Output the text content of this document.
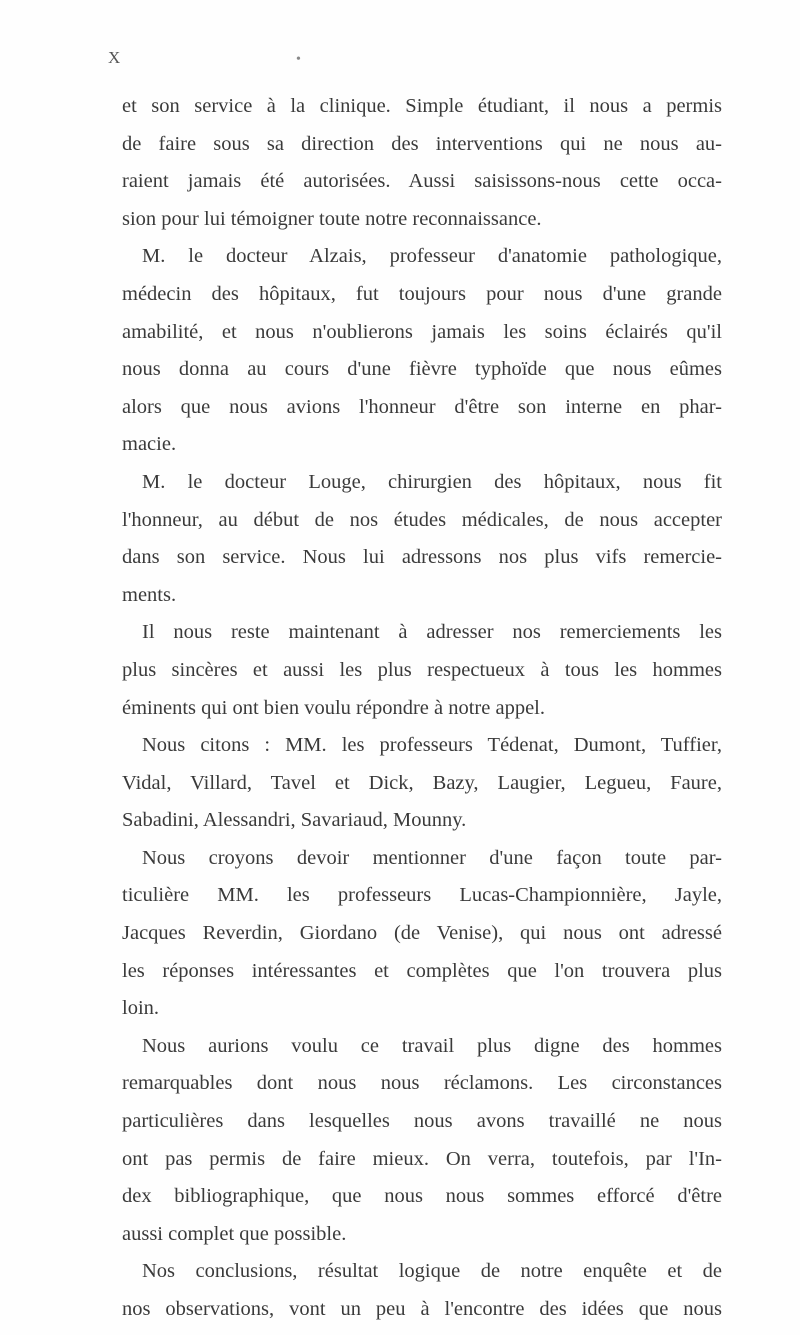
X	•
et son service à la clinique. Simple étudiant, il nous a permis
de faire sous sa direction des interventions qui ne nous au-
raient jamais été autorisées. Aussi saisissons-nous cette occa-
sion pour lui témoigner toute notre reconnaissance.
M. le docteur Alzais, professeur d'anatomie pathologique,
médecin des hôpitaux, fut toujours pour nous d'une grande
amabilité, et nous n'oublierons jamais les soins éclairés qu'il
nous donna au cours d'une fièvre typhoïde que nous eûmes
alors que nous avions l'honneur d'être son interne en phar-
macie.
M. le docteur Louge, chirurgien des hôpitaux, nous fit
l'honneur, au début de nos études médicales, de nous accepter
dans son service. Nous lui adressons nos plus vifs remercie-
ments.
Il nous reste maintenant à adresser nos remerciements les
plus sincères et aussi les plus respectueux à tous les hommes
éminents qui ont bien voulu répondre à notre appel.
Nous citons : MM. les professeurs Tédenat, Dumont, Tuffier,
Vidal, Villard, Tavel et Dick, Bazy, Laugier, Legueu, Faure,
Sabadini, Alessandri, Savariaud, Mounny.
Nous croyons devoir mentionner d'une façon toute par-
ticulière MM. les professeurs Lucas-Championnière, Jayle,
Jacques Reverdin, Giordano (de Venise), qui nous ont adressé
les réponses intéressantes et complètes que l'on trouvera plus
loin.
Nous aurions voulu ce travail plus digne des hommes
remarquables dont nous nous réclamons. Les circonstances
particulières dans lesquelles nous avons travaillé ne nous
ont pas permis de faire mieux. On verra, toutefois, par l'In-
dex bibliographique, que nous nous sommes efforcé d'être
aussi complet que possible.
Nos conclusions, résultat logique de notre enquête et de
nos observations, vont un peu à l'encontre des idées que nous
